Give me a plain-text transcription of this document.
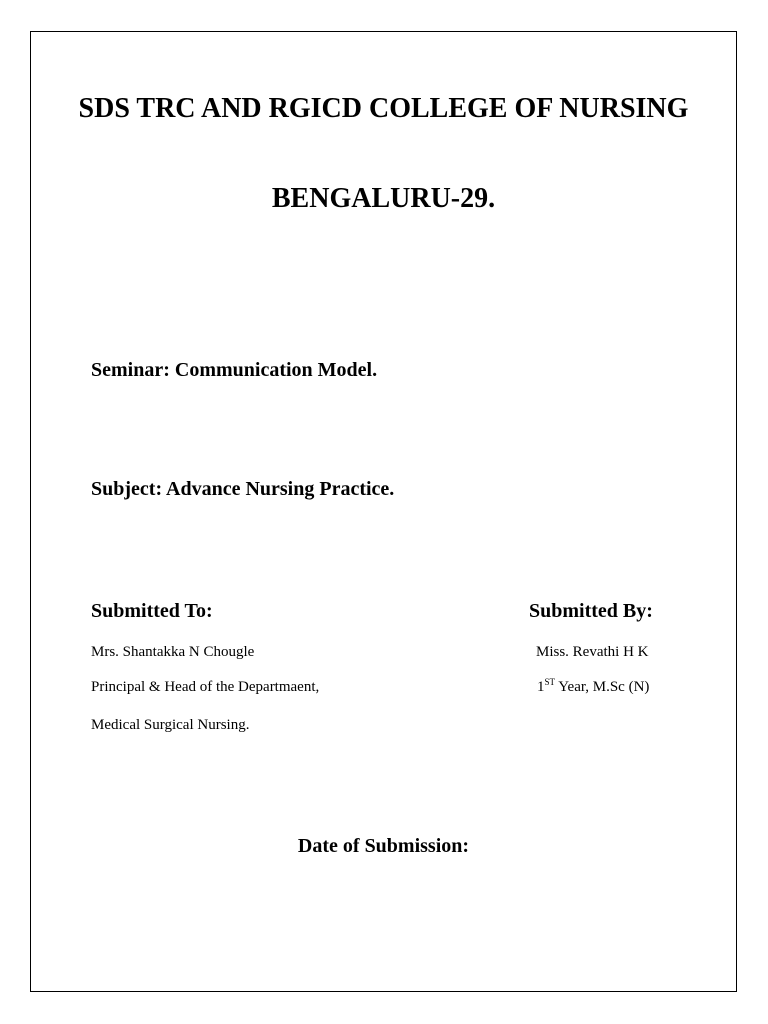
SDS TRC AND RGICD COLLEGE OF NURSING
BENGALURU-29.
Seminar: Communication Model.
Subject: Advance Nursing Practice.
Submitted To:	Submitted By:
Mrs. Shantakka N Chougle
Principal & Head of the Departmaent,
Medical Surgical Nursing.
Miss. Revathi H K
1ST Year, M.Sc (N)
Date of Submission:
